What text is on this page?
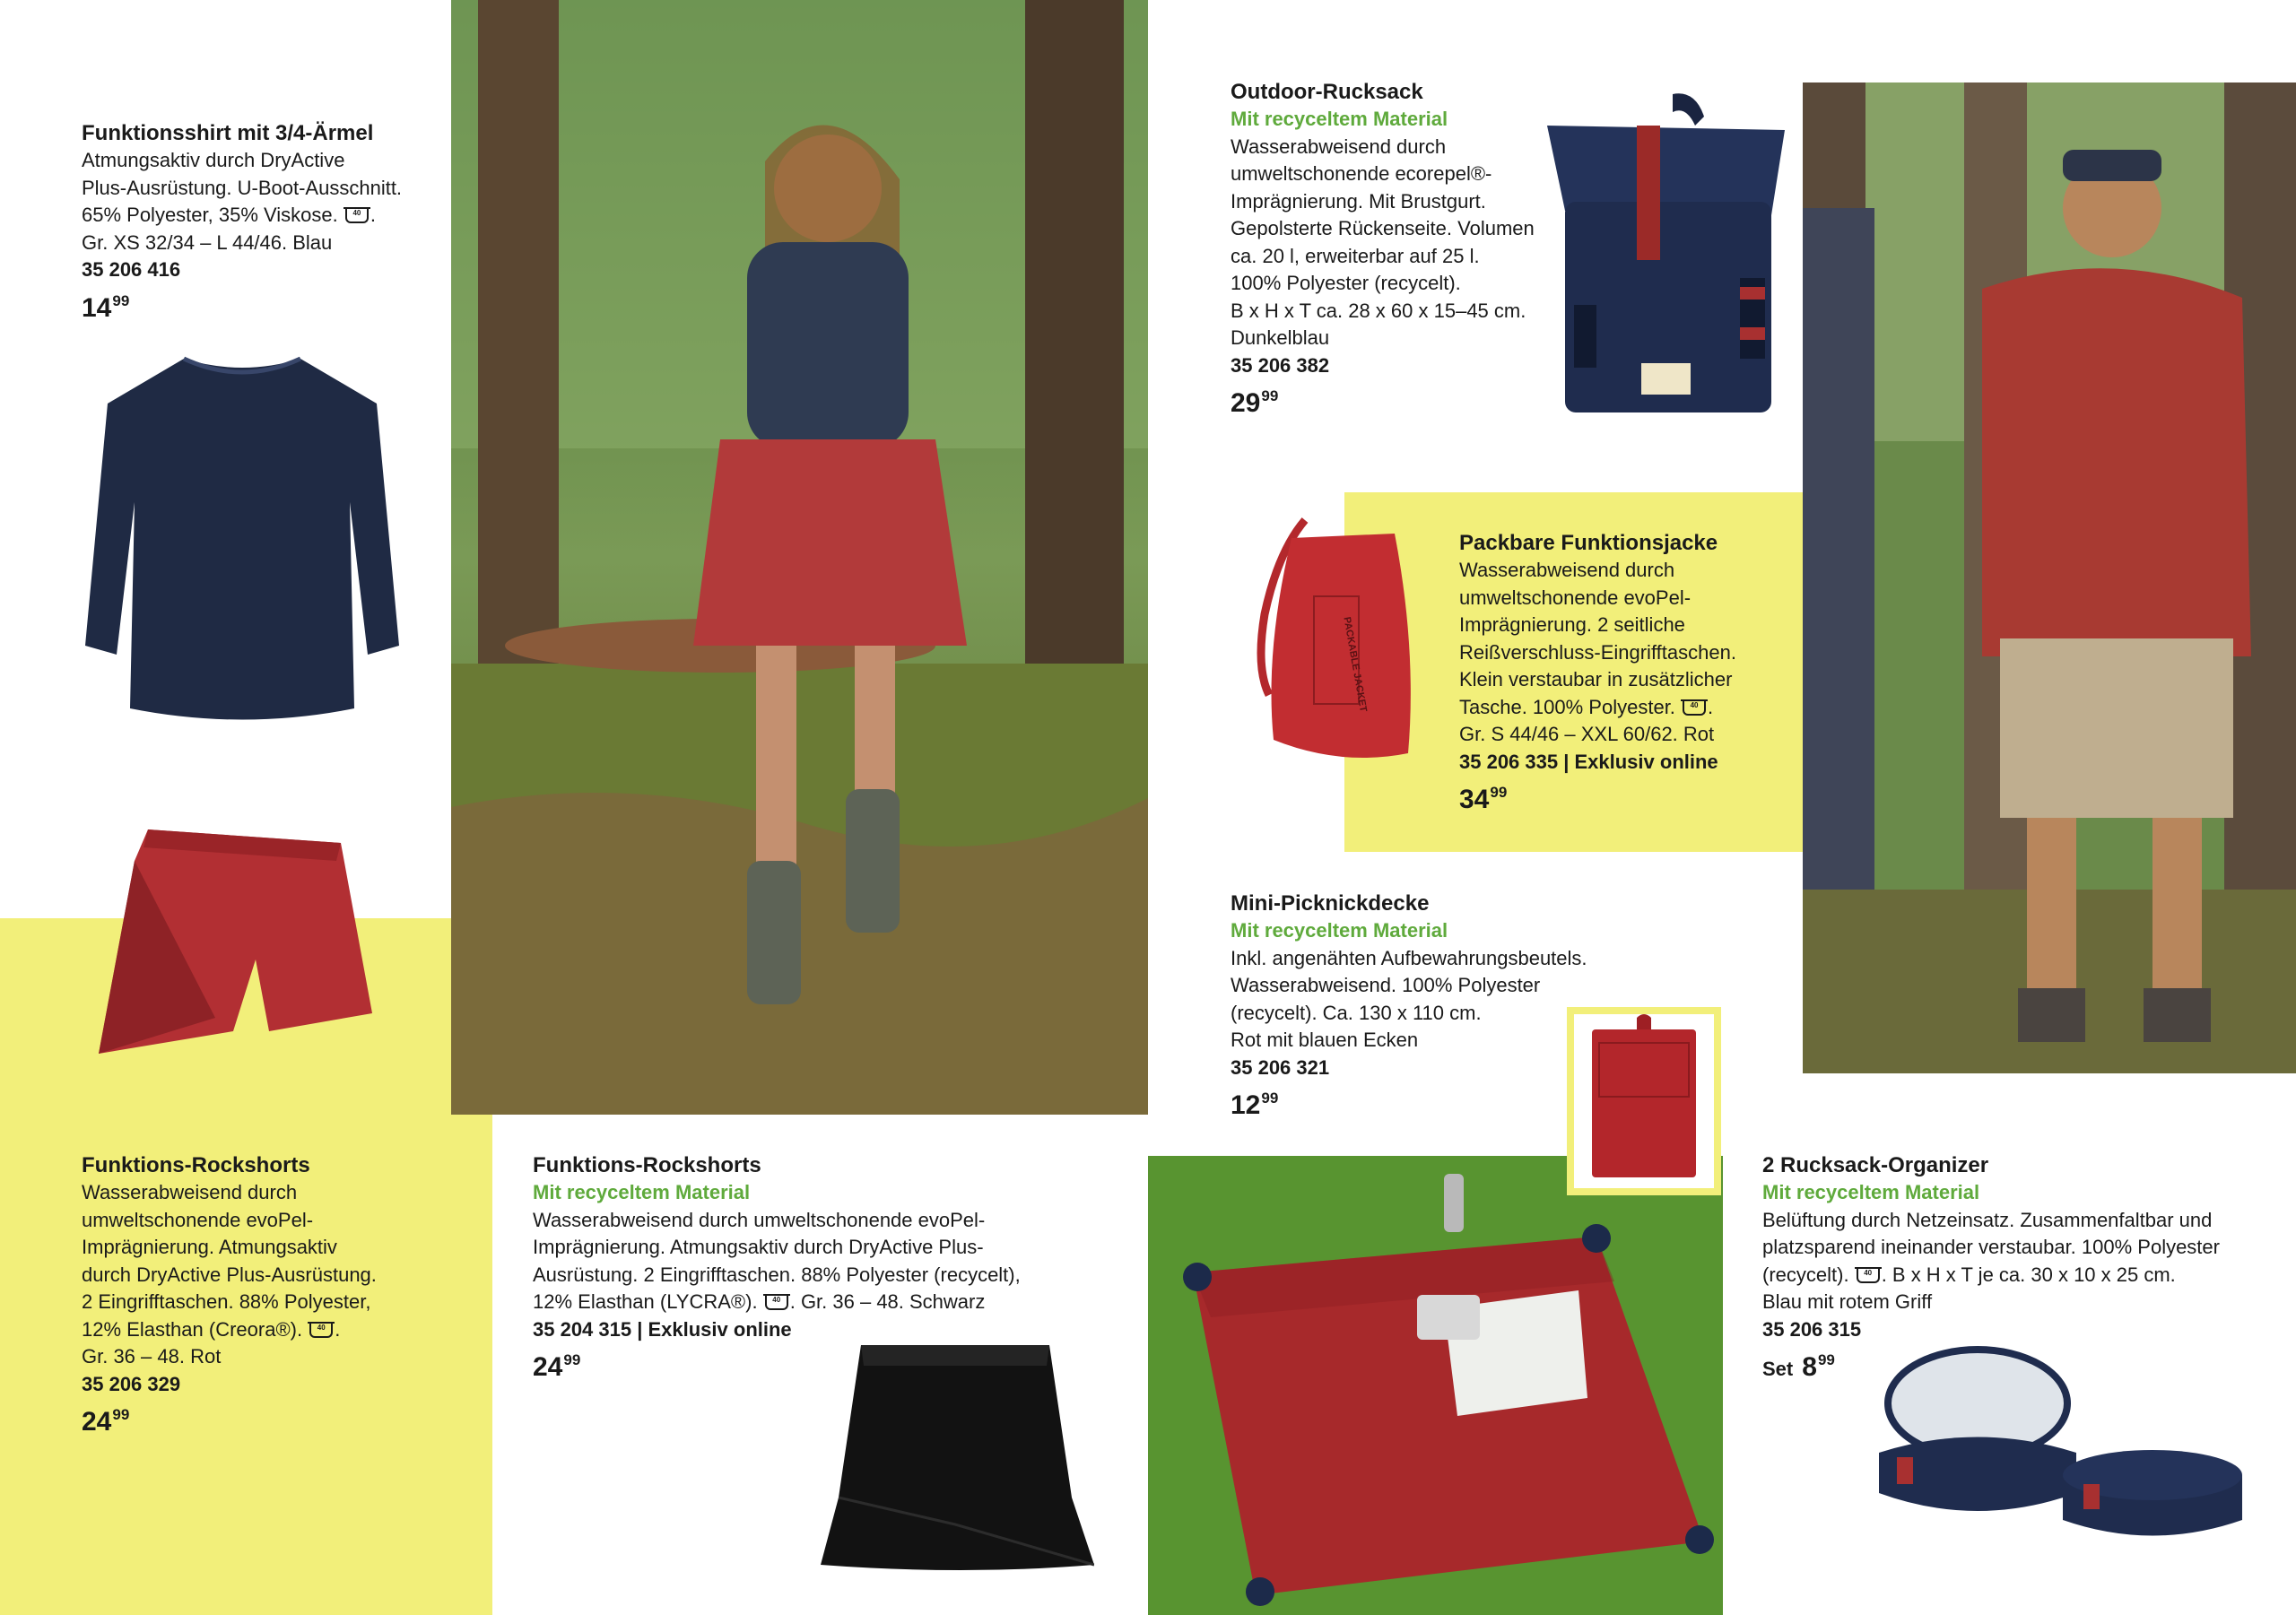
Funktionsshirt mit 3/4-Ärmel
Atmungsaktiv durch DryActive
Plus-Ausrüstung. U-Boot-Ausschnitt.
65% Polyester, 35% Viskose. 40 .
Gr. XS 32/34 – L 44/46. Blau
35 206 416
$14^{99}$
Outdoor-Rucksack
Mit recyceltem Material
Wasserabweisend durch
umweltschonende ecorepel®-
Imprägnierung. Mit Brustgurt.
Gepolsterte Rückenseite. Volumen
ca. 20 l, erweiterbar auf 25 l.
100% Polyester (recycelt).
B x H x T ca. 28 x 60 x 15–45 cm.
Dunkelblau
35 206 382
$29^{99}$
PACKABLE JACKET
Packbare Funktionsjacke
Wasserabweisend durch
umweltschonende evoPel-
Imprägnierung. 2 seitliche
Reißverschluss-Eingrifftaschen.
Klein verstaubar in zusätzlicher
Tasche. 100% Polyester. 40 .
Gr. S 44/46 – XXL 60/62. Rot
35 206 335 | Exklusiv online
$34^{99}$
Mini-Picknickdecke
Mit recyceltem Material
Inkl. angenähten Aufbewahrungsbeutels.
Wasserabweisend. 100% Polyester
(recycelt). Ca. 130 x 110 cm.
Rot mit blauen Ecken
35 206 321
$12^{99}$
Funktions-Rockshorts
Wasserabweisend durch
umweltschonende evoPel-
Imprägnierung. Atmungsaktiv
durch DryActive Plus-Ausrüstung.
2 Eingrifftaschen. 88% Polyester,
12% Elasthan (Creora®). 40 .
Gr. 36 – 48. Rot
35 206 329
$24^{99}$
Funktions-Rockshorts
Mit recyceltem Material
Wasserabweisend durch umweltschonende evoPel-
Imprägnierung. Atmungsaktiv durch DryActive Plus-
Ausrüstung. 2 Eingrifftaschen. 88% Polyester (recycelt),
12% Elasthan (LYCRA®). 40 . Gr. 36 – 48. Schwarz
35 204 315 | Exklusiv online
$24^{99}$
2 Rucksack-Organizer
Mit recyceltem Material
Belüftung durch Netzeinsatz. Zusammenfaltbar und
platzsparend ineinander verstaubar. 100% Polyester
(recycelt). 40 . B x H x T je ca. 30 x 10 x 25 cm.
Blau mit rotem Griff
35 206 315
Set $8^{99}$
